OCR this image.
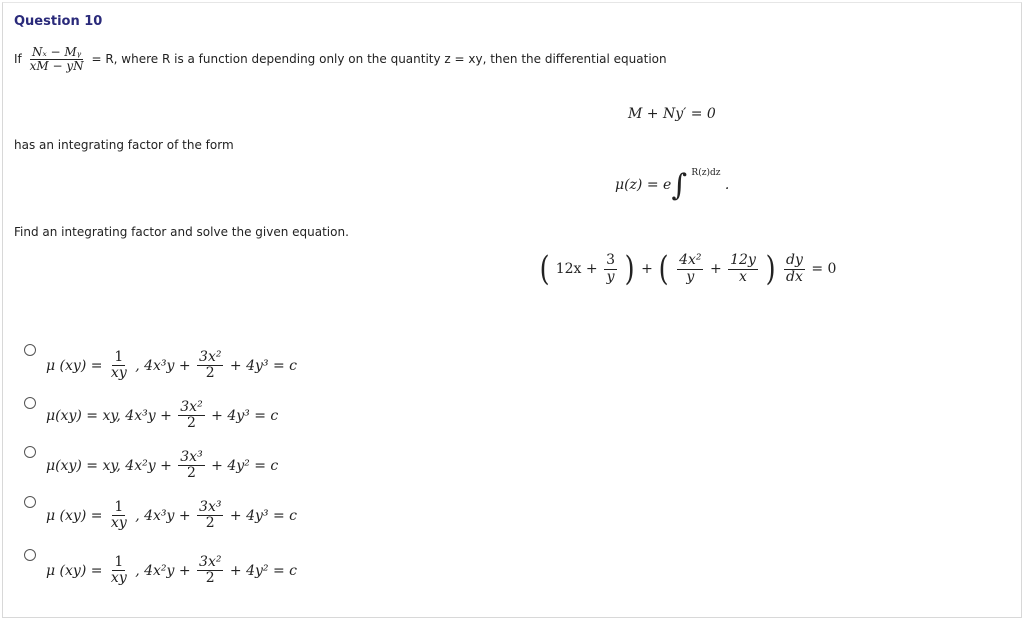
Question 10
If $\frac{\text{Nₓ − Mᵧ}}{xM - yN} = R$, where R is a function depending only on the quantity z = xy, then the differential equation
M + Ny′ = 0
has an integrating factor of the form
μ(z) = e∫ $^{R(z)dz}$ .
Find an integrating factor and solve the given equation.
( $12x + \frac{3}{y}$ ) + ( $\frac{\text{4x²}}{y} + \frac{12y}{x}$ ) $\frac{dy}{dx} = 0$
μ $(xy) = \frac{1}{xy}$ , $4x^3y + \frac{\text{3x²}}{2} + 4y^3 = c$
μ(xy) = xy, $4x^3y + \frac{\text{3x²}}{2} + 4y^3 = c$
μ(xy) = xy, $4x^2y + \frac{\text{3x³}}{2} + 4y^2 = c$
μ $(xy) = \frac{1}{xy}$ , $4x^3y + \frac{\text{3x³}}{2} + 4y^3 = c$
μ $(xy) = \frac{1}{xy}$ , $4x^2y + \frac{\text{3x²}}{2} + 4y^2 = c$
